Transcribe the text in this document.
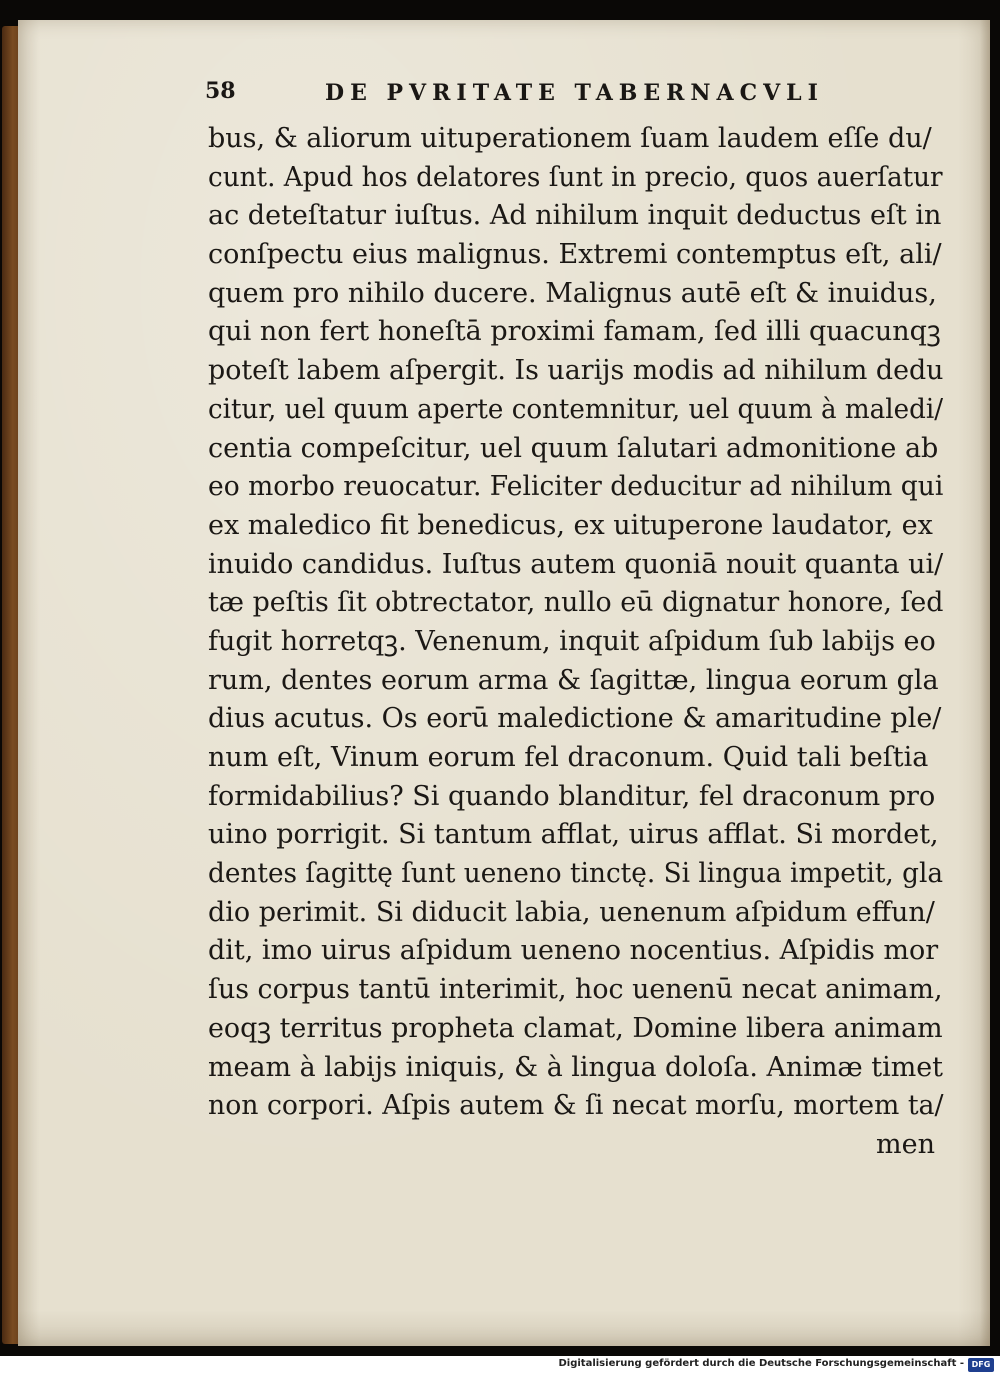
58	DE PVRITATE TABERNACVLI
bus, & aliorum uituperationem ſuam laudem eſſe du/
cunt. Apud hos delatores ſunt in precio, quos auerſatur
ac deteſtatur iuſtus. Ad nihilum inquit deductus eſt in
conſpectu eius malignus. Extremi contemptus eſt, ali/
quem pro nihilo ducere. Malignus autē eſt & inuidus,
qui non fert honeſtā proximi famam, ſed illi quacunqꝫ
poteſt labem aſpergit. Is uarijs modis ad nihilum dedu
citur, uel quum aperte contemnitur, uel quum à maledi/
centia compeſcitur, uel quum ſalutari admonitione ab
eo morbo reuocatur. Feliciter deducitur ad nihilum qui
ex maledico fit benedicus, ex uituperone laudator, ex
inuido candidus. Iuſtus autem quoniā nouit quanta ui/
tæ peſtis ſit obtrectator, nullo eū dignatur honore, ſed
fugit horretqꝫ. Venenum, inquit aſpidum ſub labijs eo
rum, dentes eorum arma & ſagittæ, lingua eorum gla
dius acutus. Os eorū maledictione & amaritudine ple/
num eſt, Vinum eorum fel draconum. Quid tali beſtia
formidabilius? Si quando blanditur, fel draconum pro
uino porrigit. Si tantum afflat, uirus afflat. Si mordet,
dentes ſagittę ſunt ueneno tinctę. Si lingua impetit, gla
dio perimit. Si diducit labia, uenenum aſpidum effun/
dit, imo uirus aſpidum ueneno nocentius. Aſpidis mor
ſus corpus tantū interimit, hoc uenenū necat animam,
eoqꝫ territus propheta clamat, Domine libera animam
meam à labijs iniquis, & à lingua doloſa. Animæ timet
non corpori. Aſpis autem & ſi necat morſu, mortem ta/
men
Digitalisierung gefördert durch die Deutsche Forschungsgemeinschaft - DFG
